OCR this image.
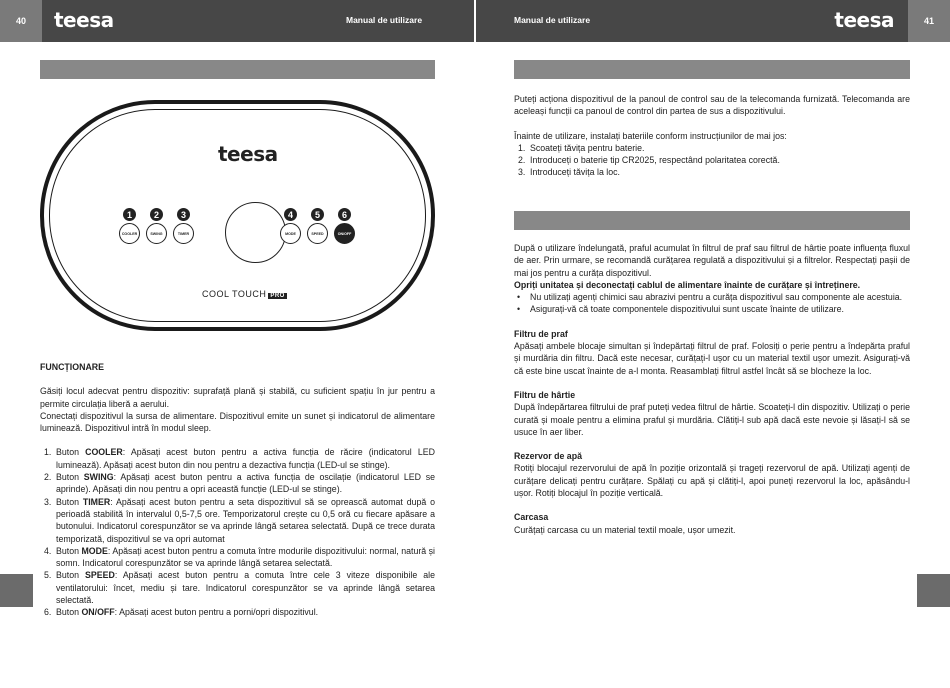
40	41
teesa	teesa
Manual de utilizare	Manual de utilizare
teesa
1	2	3	4	5	6
COOLER	SWING	TIMER	MODE	SPEED	ON/OFF
COOL TOUCH PRO
FUNCȚIONARE
Găsiți locul adecvat pentru dispozitiv: suprafață plană și stabilă, cu suficient spațiu în jur pentru a permite circulația liberă a aerului.
Conectați dispozitivul la sursa de alimentare. Dispozitivul emite un sunet și indicatorul de alimentare luminează. Dispozitivul intră în modul sleep.
1. Buton COOLER: Apăsați acest buton pentru a activa funcția de răcire (indicatorul LED luminează). Apăsați acest buton din nou pentru a dezactiva funcția (LED-ul se stinge).
2. Buton SWING: Apăsați acest buton pentru a activa funcția de oscilație (indicatorul LED se aprinde). Apăsați din nou pentru a opri această funcție (LED-ul se stinge).
3. Buton TIMER: Apăsați acest buton pentru a seta dispozitivul să se oprească automat după o perioadă stabilită în intervalul 0,5-7,5 ore. Temporizatorul crește cu 0,5 oră cu fiecare apăsare a butonului. Indicatorul corespunzător se va aprinde lângă setarea selectată. După ce trece durata temporizată, dispozitivul se va opri automat
4. Buton MODE: Apăsați acest buton pentru a comuta între modurile dispozitivului: normal, natură și somn. Indicatorul corespunzător se va aprinde lângă setarea selectată.
5. Buton SPEED: Apăsați acest buton pentru a comuta între cele 3 viteze disponibile ale ventilatorului: încet, mediu și tare. Indicatorul corespunzător se va aprinde lângă setarea selectată.
6. Buton ON/OFF: Apăsați acest buton pentru a porni/opri dispozitivul.
Puteți acționa dispozitivul de la panoul de control sau de la telecomanda furnizată. Telecomanda are aceleași funcții ca panoul de control din partea de sus a dispozitivului.
Înainte de utilizare, instalați bateriile conform instrucțiunilor de mai jos:
1. Scoateți tăvița pentru baterie.
2. Introduceți o baterie tip CR2025, respectând polaritatea corectă.
3. Introduceți tăvița la loc.
După o utilizare îndelungată, praful acumulat în filtrul de praf sau filtrul de hârtie poate influența fluxul de aer. Prin urmare, se recomandă curățarea regulată a dispozitivului și a filtrelor. Respectați pașii de mai jos pentru a curăța dispozitivul.
Opriți unitatea și deconectați cablul de alimentare înainte de curățare și întreținere.
• Nu utilizați agenți chimici sau abrazivi pentru a curăța dispozitivul sau componente ale acestuia.
• Asigurați-vă că toate componentele dispozitivului sunt uscate înainte de utilizare.
Filtru de praf
Apăsați ambele blocaje simultan și îndepărtați filtrul de praf. Folosiți o perie pentru a îndepărta praful și murdăria din filtru. Dacă este necesar, curățați-l ușor cu un material textil ușor umezit. Asigurați-vă că este bine uscat înainte de a-l monta. Reasamblați filtrul astfel încât să se blocheze la loc.
Filtru de hârtie
După îndepărtarea filtrului de praf puteți vedea filtrul de hârtie. Scoateți-l din dispozitiv. Utilizați o perie curată și moale pentru a elimina praful și murdăria. Clătiți-l sub apă dacă este nevoie și lăsați-l să se usuce în aer liber.
Rezervor de apă
Rotiți blocajul rezervorului de apă în poziție orizontală și trageți rezervorul de apă. Utilizați agenți de curățare delicați pentru curățare. Spălați cu apă și clătiți-l, apoi puneți rezervorul la loc, apăsându-l ușor. Rotiți blocajul în poziție verticală.
Carcasa
Curățați carcasa cu un material textil moale, ușor umezit.
